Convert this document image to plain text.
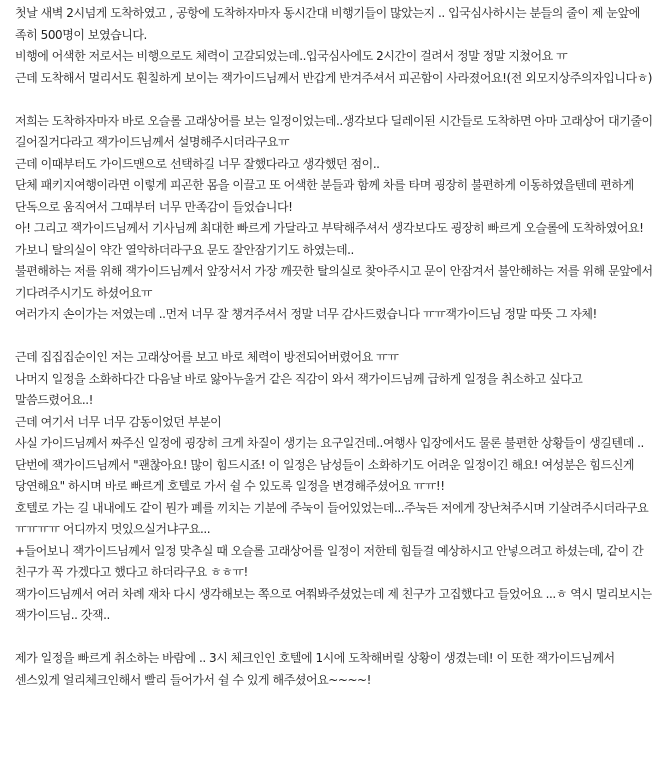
첫날 새벽 2시넘게 도착하였고 , 공항에 도착하자마자 동시간대 비행기들이 많았는지 .. 입국심사하시는 분들의 줄이 제 눈앞에 족히 500명이 보였습니다.

비행에 어색한 저로서는 비행으로도 체력이 고갈되었는데..입국심사에도 2시간이 걸려서 정말 정말 지쳤어요 ㅠ

근데 도착해서 멀리서도 훤칠하게 보이는 잭가이드님께서 반갑게 반겨주셔서 피곤함이 사라졌어요!(전 외모지상주의자입니다ㅎ)

저희는 도착하자마자 바로 오슬롤 고래상어를 보는 일정이었는데..생각보다 딜레이된 시간들로 도착하면 아마 고래상어 대기줄이 길어질거다라고 잭가이드님께서 설명해주시더라구요ㅠ

근데 이때부터도 가이드맨으로 선택하길 너무 잘했다라고 생각했던 점이..

단체 패키지여행이라면 이렇게 피곤한 몸을 이끌고 또 어색한 분들과 함께 차를 타며 굉장히 불편하게 이동하였을텐데 편하게 단독으로 움직여서 그때부터 너무 만족감이 들었습니다!

아! 그리고 잭가이드님께서 기사님께 최대한 빠르게 가달라고 부탁해주셔서 생각보다도 굉장히 빠르게 오슬롤에 도착하였어요!

가보니 탈의실이 약간 열악하더라구요 문도 잘안잠기기도 하였는데..

불편해하는 저를 위해 잭가이드님께서 앞장서서 가장 깨끗한 탈의실로 찾아주시고 문이 안잠겨서 불안해하는 저를 위해 문앞에서 기다려주시기도 하셨어요ㅠ

여러가지 손이가는 저였는데 ..먼저 너무 잘 챙겨주셔서 정말 너무 감사드렸습니다 ㅠㅠ잭가이드님 정말 따뜻 그 자체!

근데 집집집순이인 저는 고래상어를 보고 바로 체력이 방전되어버렸어요 ㅠㅠ

나머지 일정을 소화하다간 다음날 바로 앓아누울거 같은 직감이 와서 잭가이드님께 급하게 일정을 취소하고 싶다고 말씀드렸어요..!

근데 여기서 너무 너무 감동이었던 부분이

사실 가이드님께서 짜주신 일정에 굉장히 크게 차질이 생기는 요구일건데..여행사 입장에서도 물론 불편한 상황들이 생길텐데 ..

단번에 잭가이드님께서 "괜찮아요! 많이 힘드시죠! 이 일정은 남성들이 소화하기도 어려운 일정이긴 해요! 여성분은 힘드신게 당연해요" 하시며 바로 빠르게 호텔로 가서 쉴 수 있도록 일정을 변경해주셨어요 ㅠㅠ!!

호텔로 가는 길 내내에도 같이 뭔가 폐를 끼치는 기분에 주눅이 들어있었는데...주눅든 저에게 장난쳐주시며 기살려주시더라구요 ㅠㅠㅠㅠ 어디까지 멋있으실거냐구요...

+들어보니 잭가이드님께서 일정 맞추실 때 오슬롤 고래상어를 일정이 저한테 힘들걸 예상하시고 안넣으려고 하셨는데, 같이 간 친구가 꼭 가겠다고 했다고 하더라구요 ㅎㅎㅠ!

잭가이드님께서 여러 차례 재차 다시 생각해보는 쪽으로 여쭤봐주셨었는데 제 친구가 고집했다고 들었어요 ...ㅎ 역시 멀리보시는 잭가이드님.. 갓잭..

제가 일정을 빠르게 취소하는 바람에 .. 3시 체크인인 호텔에 1시에 도착해버릴 상황이 생겼는데! 이 또한 잭가이드님께서 센스있게 얼리체크인해서 빨리 들어가서 쉴 수 있게 해주셨어요~~~~!
